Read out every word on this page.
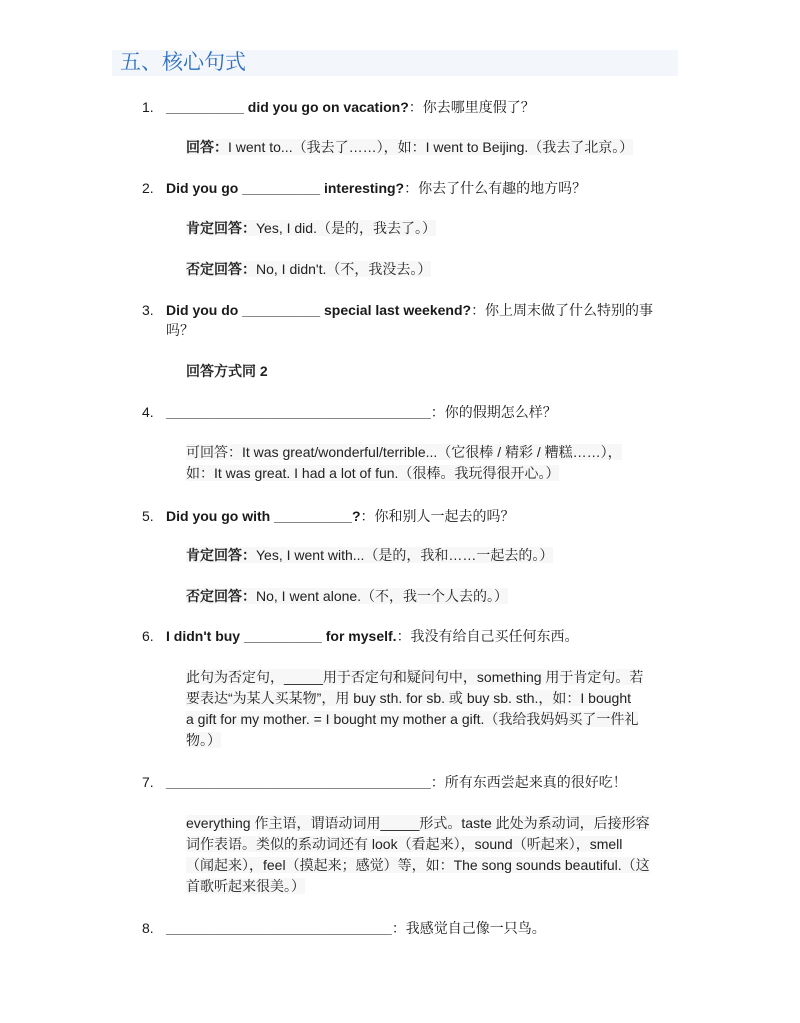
五、核心句式
1. __________ did you go on vacation?：你去哪里度假了？
回答：I went to...（我去了……），如：I went to Beijing.（我去了北京。）
2. Did you go __________ interesting?：你去了什么有趣的地方吗？
肯定回答：Yes, I did.（是的，我去了。）
否定回答：No, I didn't.（不，我没去。）
3. Did you do __________ special last weekend?：你上周末做了什么特别的事
吗？
回答方式同 2
4. __________________________________：你的假期怎么样？
可回答：It was great/wonderful/terrible...（它很棒 / 精彩 / 糟糕……），
如：It was great. I had a lot of fun.（很棒。我玩得很开心。）
5. Did you go with __________?：你和别人一起去的吗？
肯定回答：Yes, I went with...（是的，我和……一起去的。）
否定回答：No, I went alone.（不，我一个人去的。）
6. I didn't buy __________ for myself.：我没有给自己买任何东西。
此句为否定句，_____用于否定句和疑问句中，something 用于肯定句。若
要表达“为某人买某物”，用 buy sth. for sb. 或 buy sb. sth.，如：I bought
a gift for my mother. = I bought my mother a gift.（我给我妈妈买了一件礼
物。）
7. __________________________________：所有东西尝起来真的很好吃！
everything 作主语，谓语动词用_____形式。taste 此处为系动词，后接形容
词作表语。类似的系动词还有 look（看起来），sound（听起来），smell
（闻起来），feel（摸起来；感觉）等，如：The song sounds beautiful.（这
首歌听起来很美。）
8. _____________________________：我感觉自己像一只鸟。
